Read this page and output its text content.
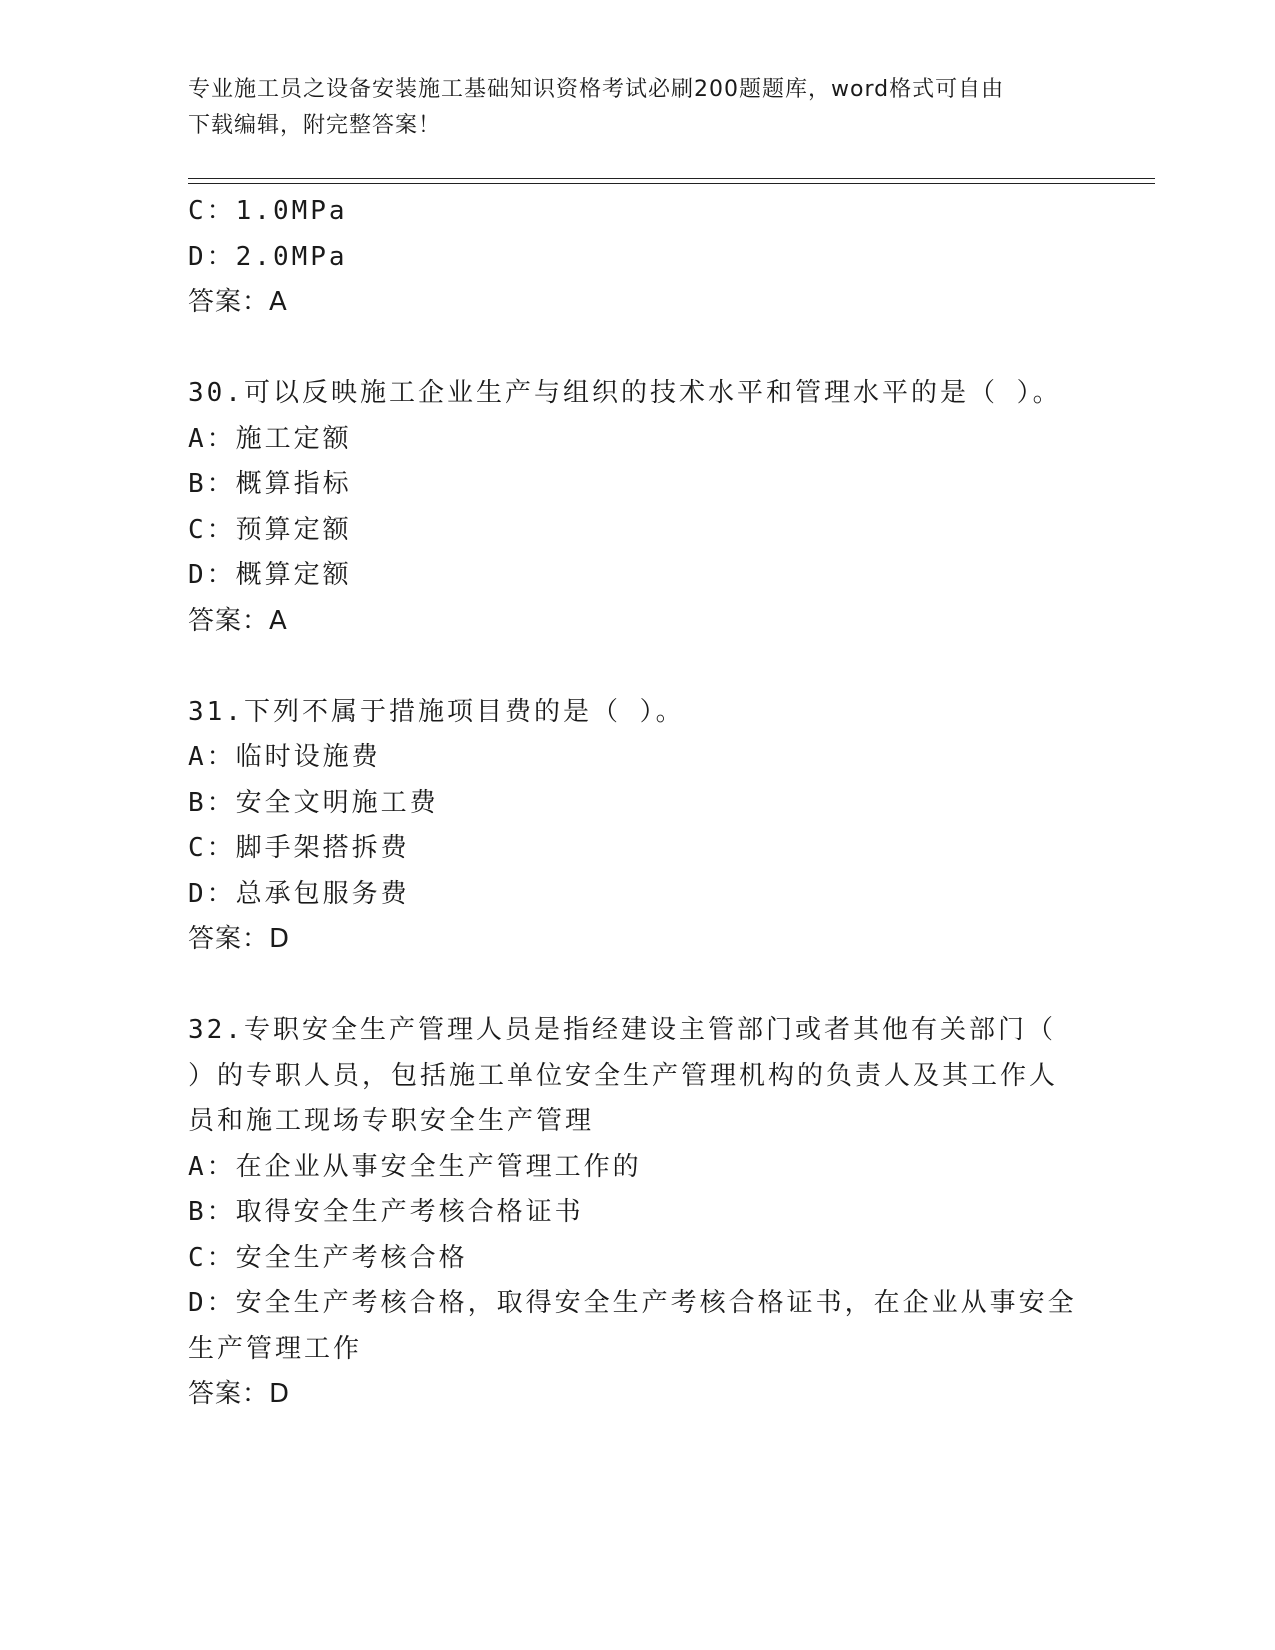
专业施工员之设备安装施工基础知识资格考试必刷200题题库，word格式可自由
下载编辑，附完整答案！
C：1.0MPa
D：2.0MPa
答案：A
30.可以反映施工企业生产与组织的技术水平和管理水平的是（ ）。
A：施工定额
B：概算指标
C：预算定额
D：概算定额
答案：A
31.下列不属于措施项目费的是（ ）。
A：临时设施费
B：安全文明施工费
C：脚手架搭拆费
D：总承包服务费
答案：D
32.专职安全生产管理人员是指经建设主管部门或者其他有关部门（
）的专职人员，包括施工单位安全生产管理机构的负责人及其工作人
员和施工现场专职安全生产管理
A：在企业从事安全生产管理工作的
B：取得安全生产考核合格证书
C：安全生产考核合格
D：安全生产考核合格，取得安全生产考核合格证书，在企业从事安全
生产管理工作
答案：D
